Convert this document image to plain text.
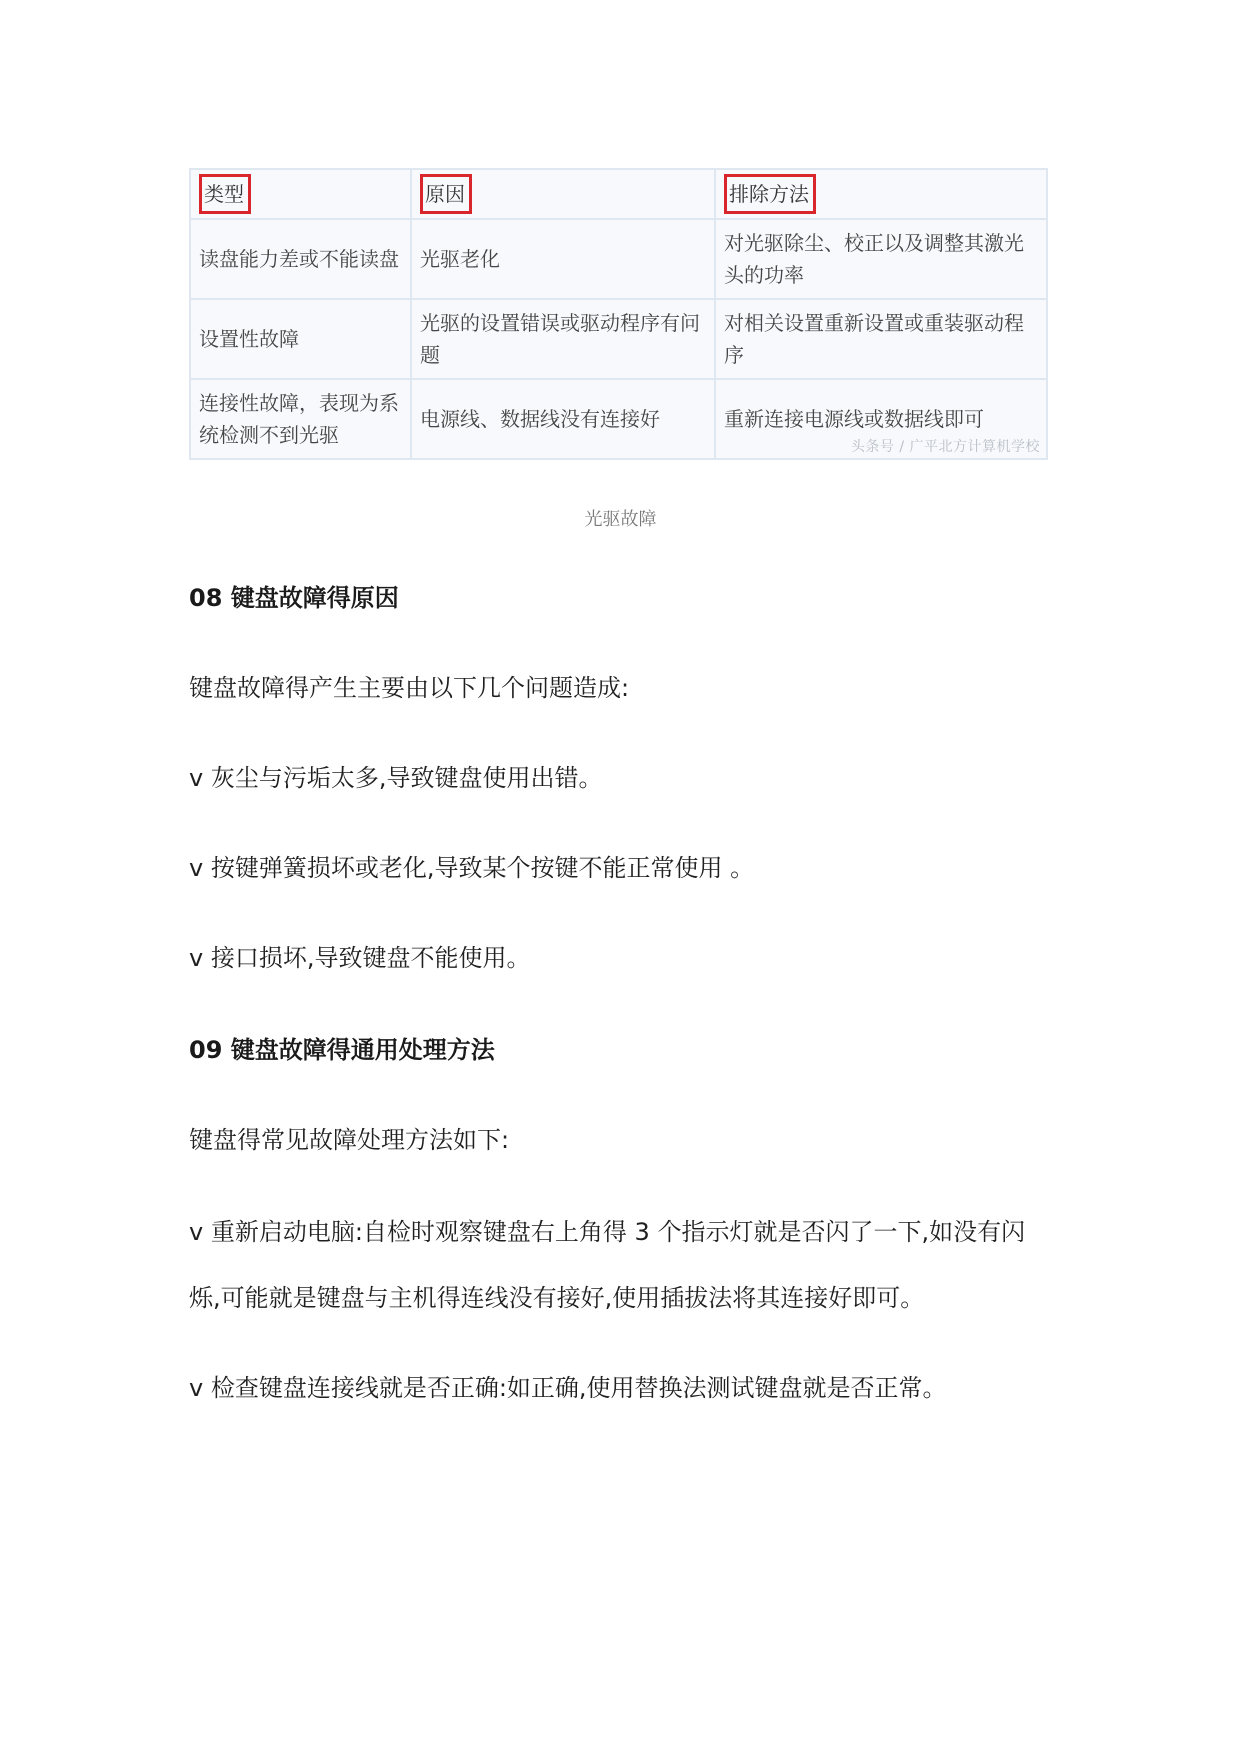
类型	原因	排除方法
读盘能力差或不能读盘	光驱老化	对光驱除尘、校正以及调整其激光头的功率
设置性故障	光驱的设置错误或驱动程序有问题	对相关设置重新设置或重装驱动程序
连接性故障，表现为系统检测不到光驱	电源线、数据线没有连接好	重新连接电源线或数据线即可
头条号 / 广平北方计算机学校
光驱故障
08 键盘故障得原因
键盘故障得产生主要由以下几个问题造成:
v 灰尘与污垢太多,导致键盘使用出错。
v 按键弹簧损坏或老化,导致某个按键不能正常使用 。
v 接口损坏,导致键盘不能使用。
09 键盘故障得通用处理方法
键盘得常见故障处理方法如下:
v 重新启动电脑:自检时观察键盘右上角得 3 个指示灯就是否闪了一下,如没有闪
烁,可能就是键盘与主机得连线没有接好,使用插拔法将其连接好即可。
v 检查键盘连接线就是否正确:如正确,使用替换法测试键盘就是否正常。
